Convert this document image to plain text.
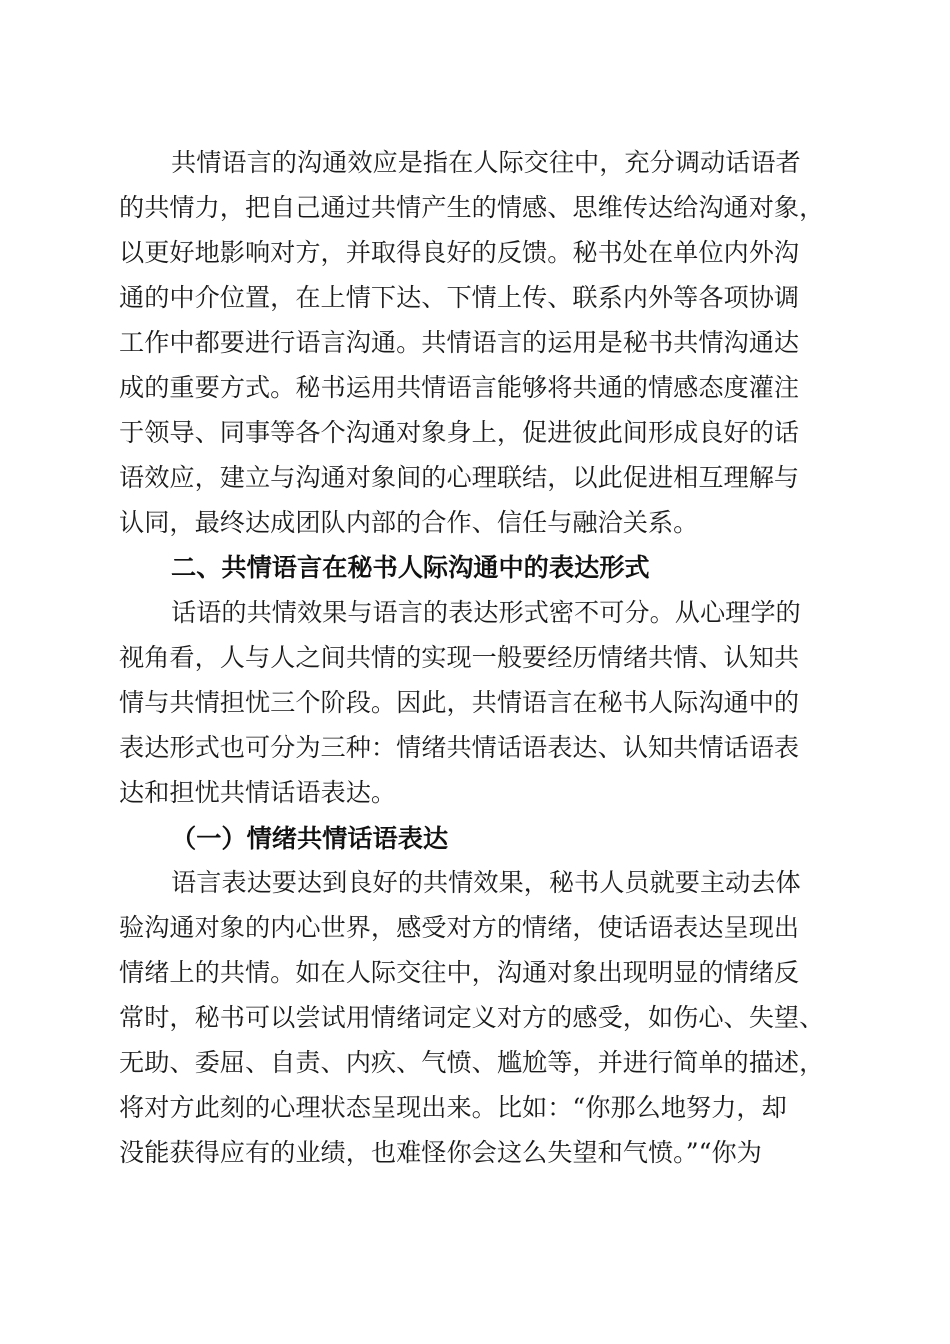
共情语言的沟通效应是指在人际交往中，充分调动话语者

的共情力，把自己通过共情产生的情感、思维传达给沟通对象，

以更好地影响对方，并取得良好的反馈。秘书处在单位内外沟

通的中介位置，在上情下达、下情上传、联系内外等各项协调

工作中都要进行语言沟通。共情语言的运用是秘书共情沟通达

成的重要方式。秘书运用共情语言能够将共通的情感态度灌注

于领导、同事等各个沟通对象身上，促进彼此间形成良好的话

语效应，建立与沟通对象间的心理联结，以此促进相互理解与

认同，最终达成团队内部的合作、信任与融洽关系。

二、共情语言在秘书人际沟通中的表达形式

话语的共情效果与语言的表达形式密不可分。从心理学的

视角看，人与人之间共情的实现一般要经历情绪共情、认知共

情与共情担忧三个阶段。因此，共情语言在秘书人际沟通中的

表达形式也可分为三种：情绪共情话语表达、认知共情话语表

达和担忧共情话语表达。

（一）情绪共情话语表达

语言表达要达到良好的共情效果，秘书人员就要主动去体

验沟通对象的内心世界，感受对方的情绪，使话语表达呈现出

情绪上的共情。如在人际交往中，沟通对象出现明显的情绪反

常时，秘书可以尝试用情绪词定义对方的感受，如伤心、失望、

无助、委屈、自责、内疚、气愤、尴尬等，并进行简单的描述，

将对方此刻的心理状态呈现出来。比如：“你那么地努力，却

没能获得应有的业绩，也难怪你会这么失望和气愤。”“你为
